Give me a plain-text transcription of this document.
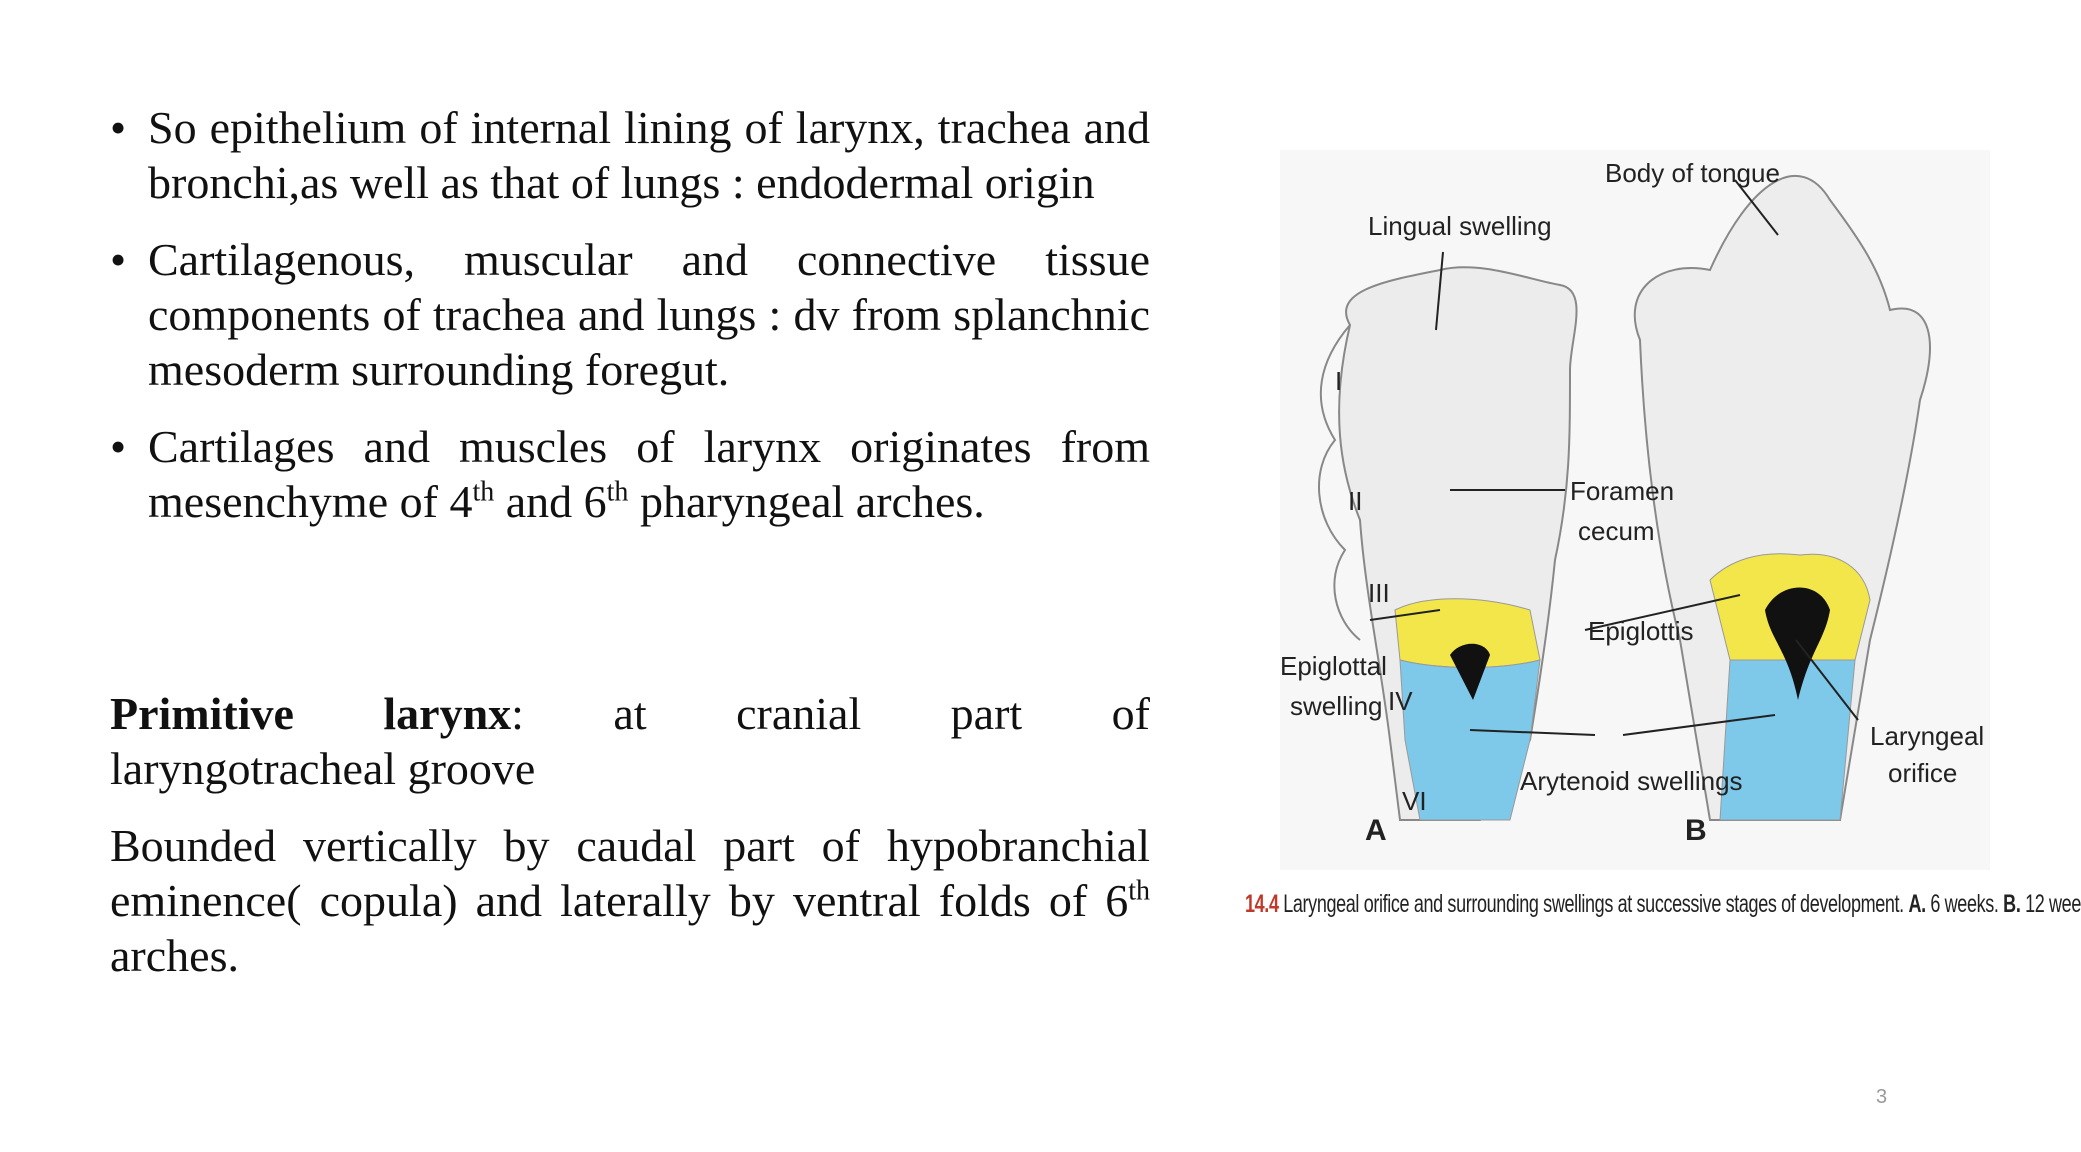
• So epithelium of internal lining of larynx, trachea and bronchi,as well as that of lungs : endodermal origin
• Cartilagenous, muscular and connective tissue components of trachea and lungs : dv from splanchnic mesoderm surrounding foregut.
• Cartilages and muscles of larynx originates from mesenchyme of 4th and 6th pharyngeal arches.
Primitive larynx: at cranial part of
laryngotracheal groove

Bounded vertically by caudal part of hypobranchial eminence( copula) and laterally by ventral folds of 6th arches.

Body of tongue
Lingual swelling
Foramen
cecum
Epiglottal
swelling
Epiglottis
Laryngeal
orifice
Arytenoid swellings
I
II
III
IV
VI
A	B
14.4 Laryngeal orifice and surrounding swellings at successive stages of development. A. 6 weeks. B. 12 wee
3
